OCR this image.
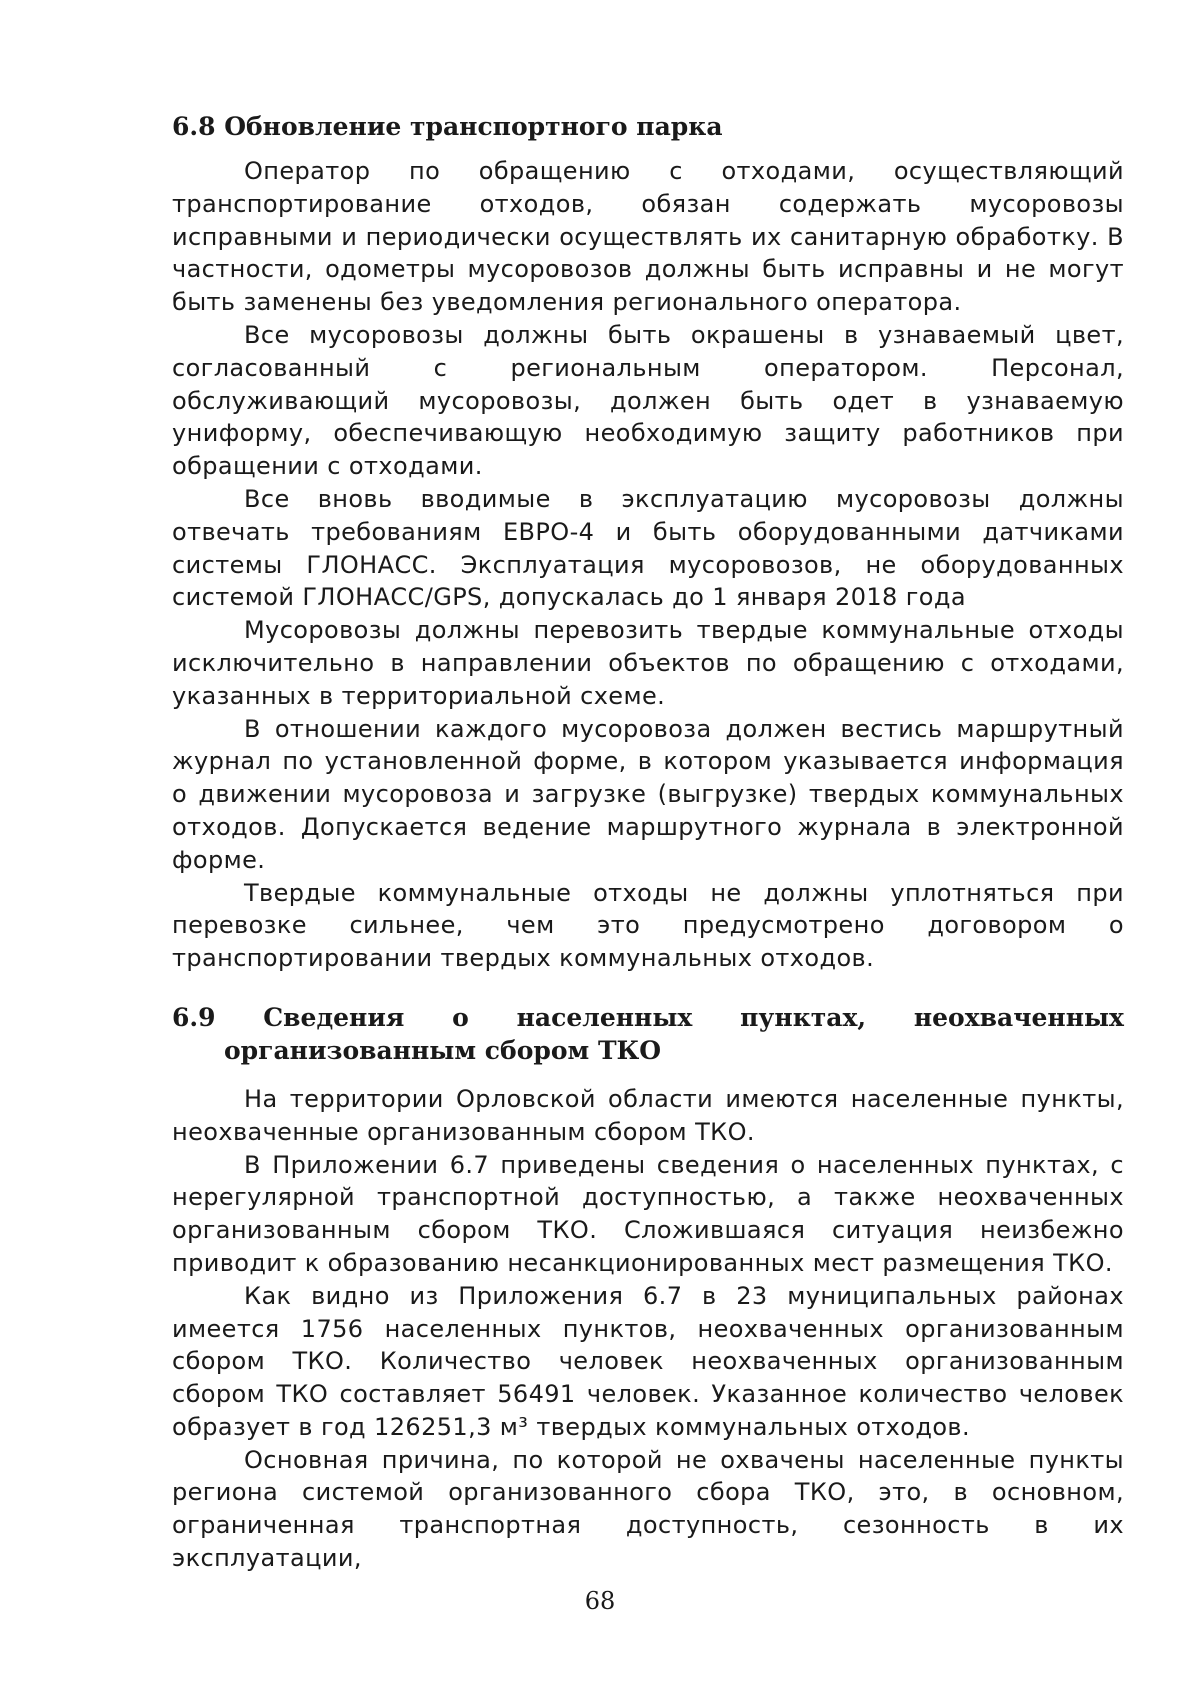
6.8 Обновление транспортного парка

Оператор по обращению с отходами, осуществляющий транспортирование отходов, обязан содержать мусоровозы исправными и периодически осуществлять их санитарную обработку. В частности, одометры мусоровозов должны быть исправны и не могут быть заменены без уведомления регионального оператора.

Все мусоровозы должны быть окрашены в узнаваемый цвет, согласованный с региональным оператором. Персонал, обслуживающий мусоровозы, должен быть одет в узнаваемую униформу, обеспечивающую необходимую защиту работников при обращении с отходами.

Все вновь вводимые в эксплуатацию мусоровозы должны отвечать требованиям ЕВРО-4 и быть оборудованными датчиками системы ГЛОНАСС. Эксплуатация мусоровозов, не оборудованных системой ГЛОНАСС/GPS, допускалась до 1 января 2018 года

Мусоровозы должны перевозить твердые коммунальные отходы исключительно в направлении объектов по обращению с отходами, указанных в территориальной схеме.

В отношении каждого мусоровоза должен вестись маршрутный журнал по установленной форме, в котором указывается информация о движении мусоровоза и загрузке (выгрузке) твердых коммунальных отходов. Допускается ведение маршрутного журнала в электронной форме.

Твердые коммунальные отходы не должны уплотняться при перевозке сильнее, чем это предусмотрено договором о транспортировании твердых коммунальных отходов.

6.9 Сведения о населенных пунктах, неохваченных
организованным сбором ТКО

На территории Орловской области имеются населенные пункты, неохваченные организованным сбором ТКО.

В Приложении 6.7 приведены сведения о населенных пунктах, с нерегулярной транспортной доступностью, а также неохваченных организованным сбором ТКО. Сложившаяся ситуация неизбежно приводит к образованию несанкционированных мест размещения ТКО.

Как видно из Приложения 6.7 в 23 муниципальных районах имеется 1756 населенных пунктов, неохваченных организованным сбором ТКО. Количество человек неохваченных организованным сбором ТКО составляет 56491 человек. Указанное количество человек образует в год 126251,3 м³ твердых коммунальных отходов.

Основная причина, по которой не охвачены населенные пункты региона системой организованного сбора ТКО, это, в основном, ограниченная транспортная доступность, сезонность в их эксплуатации,

68
